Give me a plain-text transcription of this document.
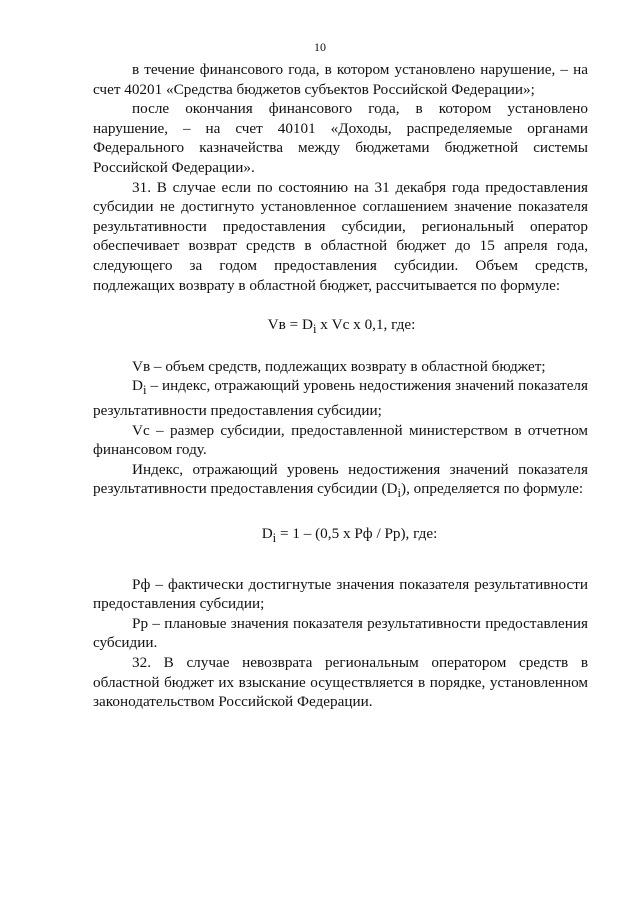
10

в течение финансового года, в котором установлено нарушение, – на счет 40201 «Средства бюджетов субъектов Российской Федерации»;

после окончания финансового года, в котором установлено нарушение, – на счет 40101 «Доходы, распределяемые органами Федерального казначейства между бюджетами бюджетной системы Российской Федерации».

31. В случае если по состоянию на 31 декабря года предоставления субсидии не достигнуто установленное соглашением значение показателя результативности предоставления субсидии, региональный оператор обеспечивает возврат средств в областной бюджет до 15 апреля года, следующего за годом предоставления субсидии. Объем средств, подлежащих возврату в областной бюджет, рассчитывается по формуле:

Vв = $D_i$ х Vc х 0,1, где:

Vв – объем средств, подлежащих возврату в областной бюджет;

$D_i$ – индекс, отражающий уровень недостижения значений показателя результативности предоставления субсидии;

Vc – размер субсидии, предоставленной министерством в отчетном финансовом году.

Индекс, отражающий уровень недостижения значений показателя результативности предоставления субсидии $(D_i)$, определяется по формуле:

$D_i = 1 - (0,5$ х Рф / Рр), где:

Рф – фактически достигнутые значения показателя результативности предоставления субсидии;

Рр – плановые значения показателя результативности предоставления субсидии.

32. В случае невозврата региональным оператором средств в областной бюджет их взыскание осуществляется в порядке, установленном законодательством Российской Федерации.
